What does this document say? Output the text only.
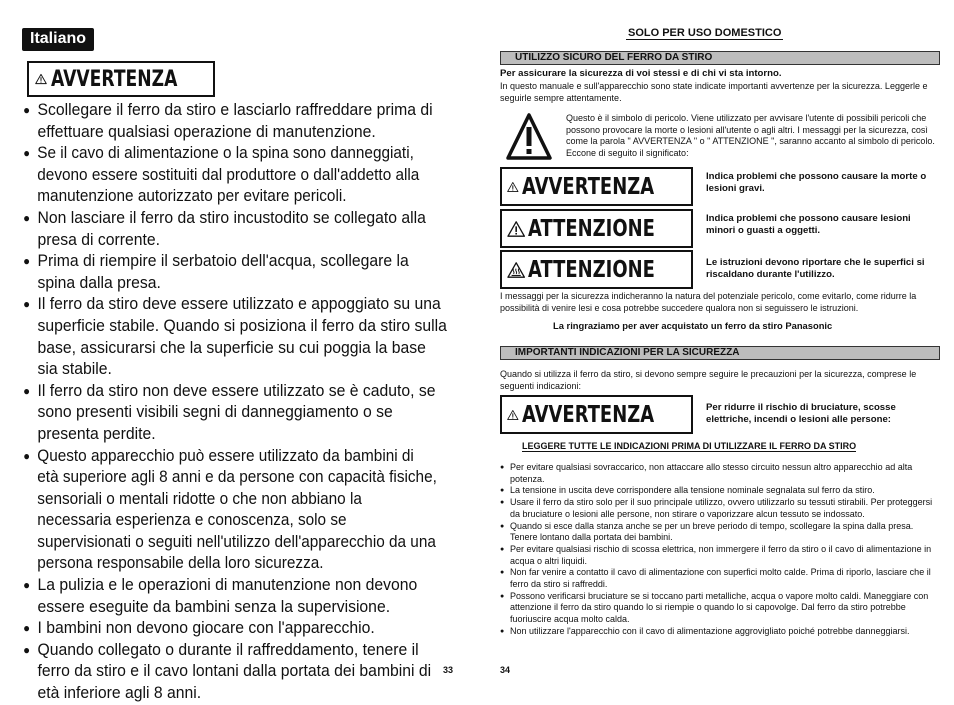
Italiano
AVVERTENZA
● Scollegare il ferro da stiro e lasciarlo raffreddare prima di effettuare qualsiasi operazione di manutenzione.
● Se il cavo di alimentazione o la spina sono danneggiati, devono essere sostituiti dal produttore o dall'addetto alla manutenzione autorizzato per evitare pericoli.
● Non lasciare il ferro da stiro incustodito se collegato alla presa di corrente.
● Prima di riempire il serbatoio dell'acqua, scollegare la spina dalla presa.
● Il ferro da stiro deve essere utilizzato e appoggiato su una superficie stabile. Quando si posiziona il ferro da stiro sulla base, assicurarsi che la superficie su cui poggia la base sia stabile.
● Il ferro da stiro non deve essere utilizzato se è caduto, se sono presenti visibili segni di danneggiamento o se presenta perdite.
● Questo apparecchio può essere utilizzato da bambini di età superiore agli 8 anni e da persone con capacità fisiche, sensoriali o mentali ridotte o che non abbiano la necessaria esperienza e conoscenza, solo se supervisionati o seguiti nell'utilizzo dell'apparecchio da una persona responsabile della loro sicurezza.
● La pulizia e le operazioni di manutenzione non devono essere eseguite da bambini senza la supervisione.
● I bambini non devono giocare con l'apparecchio.
● Quando collegato o durante il raffreddamento, tenere il ferro da stiro e il cavo lontani dalla portata dei bambini di età inferiore agli 8 anni.
33
SOLO PER USO DOMESTICO
UTILIZZO SICURO DEL FERRO DA STIRO
Per assicurare la sicurezza di voi stessi e di chi vi sta intorno.
In questo manuale e sull'apparecchio sono state indicate importanti avvertenze per la sicurezza. Leggerle e seguirle sempre attentamente.
Questo è il simbolo di pericolo. Viene utilizzato per avvisare l'utente di possibili pericoli che possono provocare la morte o lesioni all'utente o agli altri. I messaggi per la sicurezza, così come la parola " AVVERTENZA " o " ATTENZIONE ", saranno accanto al simbolo di pericolo. Eccone di seguito il significato:
AVVERTENZA	Indica problemi che possono causare la morte o lesioni gravi.
ATTENZIONE	Indica problemi che possono causare lesioni minori o guasti a oggetti.
ATTENZIONE	Le istruzioni devono riportare che le superfici si riscaldano durante l'utilizzo.
I messaggi per la sicurezza indicheranno la natura del potenziale pericolo, come evitarlo, come ridurre la possibilità di venire lesi e cosa potrebbe succedere qualora non si seguissero le istruzioni.
La ringraziamo per aver acquistato un ferro da stiro Panasonic
IMPORTANTI INDICAZIONI PER LA SICUREZZA
Quando si utilizza il ferro da stiro, si devono sempre seguire le precauzioni per la sicurezza, comprese le seguenti indicazioni:
AVVERTENZA	Per ridurre il rischio di bruciature, scosse elettriche, incendi o lesioni alle persone:
LEGGERE TUTTE LE INDICAZIONI PRIMA DI UTILIZZARE IL FERRO DA STIRO
● Per evitare qualsiasi sovraccarico, non attaccare allo stesso circuito nessun altro apparecchio ad alta potenza.
● La tensione in uscita deve corrispondere alla tensione nominale segnalata sul ferro da stiro.
● Usare il ferro da stiro solo per il suo principale utilizzo, ovvero utilizzarlo su tessuti stirabili. Per proteggersi da bruciature o lesioni alle persone, non stirare o vaporizzare alcun tessuto se indossato.
● Quando si esce dalla stanza anche se per un breve periodo di tempo, scollegare la spina dalla presa. Tenere lontano dalla portata dei bambini.
● Per evitare qualsiasi rischio di scossa elettrica, non immergere il ferro da stiro o il cavo di alimentazione in acqua o altri liquidi.
● Non far venire a contatto il cavo di alimentazione con superfici molto calde. Prima di riporlo, lasciare che il ferro da stiro si raffreddi.
● Possono verificarsi bruciature se si toccano parti metalliche, acqua o vapore molto caldi. Maneggiare con attenzione il ferro da stiro quando lo si riempie o quando lo si capovolge. Dal ferro da stiro potrebbe fuoriuscire acqua molto calda.
● Non utilizzare l'apparecchio con il cavo di alimentazione aggrovigliato poiché potrebbe danneggiarsi.
34
